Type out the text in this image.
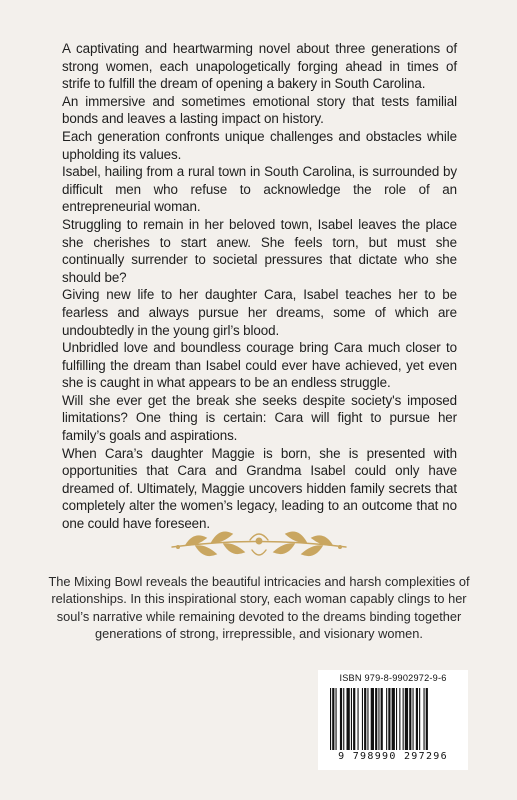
A captivating and heartwarming novel about three generations of strong women, each unapologetically forging ahead in times of strife to fulfill the dream of opening a bakery in South Carolina.

An immersive and sometimes emotional story that tests familial bonds and leaves a lasting impact on history.

Each generation confronts unique challenges and obstacles while upholding its values.

Isabel, hailing from a rural town in South Carolina, is surrounded by difficult men who refuse to acknowledge the role of an entrepreneurial woman.

Struggling to remain in her beloved town, Isabel leaves the place she cherishes to start anew. She feels torn, but must she continually surrender to societal pressures that dictate who she should be?

Giving new life to her daughter Cara, Isabel teaches her to be fearless and always pursue her dreams, some of which are undoubtedly in the young girl’s blood.

Unbridled love and boundless courage bring Cara much closer to fulfilling the dream than Isabel could ever have achieved, yet even she is caught in what appears to be an endless struggle.

Will she ever get the break she seeks despite society's imposed limitations? One thing is certain: Cara will fight to pursue her family’s goals and aspirations.

When Cara’s daughter Maggie is born, she is presented with opportunities that Cara and Grandma Isabel could only have dreamed of. Ultimately, Maggie uncovers hidden family secrets that completely alter the women’s legacy, leading to an outcome that no one could have foreseen.

The Mixing Bowl reveals the beautiful intricacies and harsh complexities of relationships. In this inspirational story, each woman capably clings to her soul’s narrative while remaining devoted to the dreams binding together generations of strong, irrepressible, and visionary women.
ISBN 979-8-9902972-9-6
9 798990 297296
